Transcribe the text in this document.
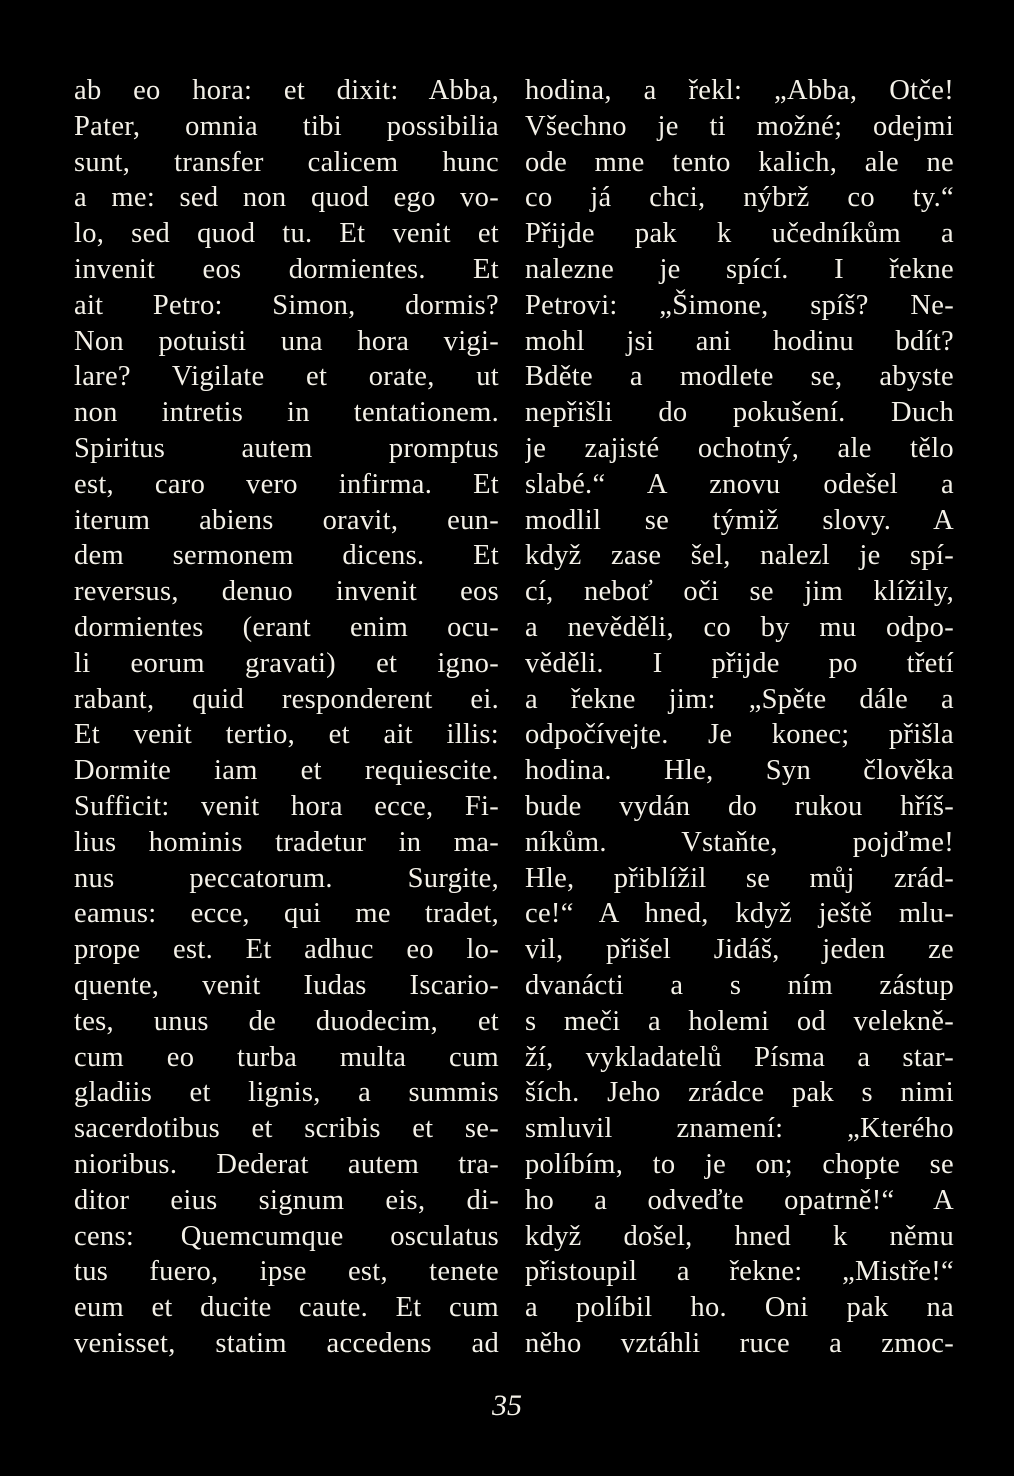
ab eo hora: et dixit: Abba,
Pater, omnia tibi possibilia
sunt, transfer calicem hunc
a me: sed non quod ego vo-
lo, sed quod tu. Et venit et
invenit eos dormientes. Et
ait Petro: Simon, dormis?
Non potuisti una hora vigi-
lare? Vigilate et orate, ut
non intretis in tentationem.
Spiritus autem promptus
est, caro vero infirma. Et
iterum abiens oravit, eun-
dem sermonem dicens. Et
reversus, denuo invenit eos
dormientes (erant enim ocu-
li eorum gravati) et igno-
rabant, quid responderent ei.
Et venit tertio, et ait illis:
Dormite iam et requiescite.
Sufficit: venit hora ecce, Fi-
lius hominis tradetur in ma-
nus peccatorum. Surgite,
eamus: ecce, qui me tradet,
prope est. Et adhuc eo lo-
quente, venit Iudas Iscario-
tes, unus de duodecim, et
cum eo turba multa cum
gladiis et lignis, a summis
sacerdotibus et scribis et se-
nioribus. Dederat autem tra-
ditor eius signum eis, di-
cens: Quemcumque osculatus
tus fuero, ipse est, tenete
eum et ducite caute. Et cum
venisset, statim accedens ad
hodina, a řekl: „Abba, Otče!
Všechno je ti možné; odejmi
ode mne tento kalich, ale ne
co já chci, nýbrž co ty.“
Přijde pak k učedníkům a
nalezne je spící. I řekne
Petrovi: „Šimone, spíš? Ne-
mohl jsi ani hodinu bdít?
Bděte a modlete se, abyste
nepřišli do pokušení. Duch
je zajisté ochotný, ale tělo
slabé.“ A znovu odešel a
modlil se týmiž slovy. A
když zase šel, nalezl je spí-
cí, neboť oči se jim klížily,
a nevěděli, co by mu odpo-
věděli. I přijde po třetí
a řekne jim: „Spěte dále a
odpočívejte. Je konec; přišla
hodina. Hle, Syn člověka
bude vydán do rukou hříš-
níkům. Vstaňte, pojďme!
Hle, přiblížil se můj zrád-
ce!“ A hned, když ještě mlu-
vil, přišel Jidáš, jeden ze
dvanácti a s ním zástup
s meči a holemi od velekně-
ží, vykladatelů Písma a star-
ších. Jeho zrádce pak s nimi
smluvil znamení: „Kterého
políbím, to je on; chopte se
ho a odveďte opatrně!“ A
když došel, hned k němu
přistoupil a řekne: „Mistře!“
a políbil ho. Oni pak na
něho vztáhli ruce a zmoc-
35
